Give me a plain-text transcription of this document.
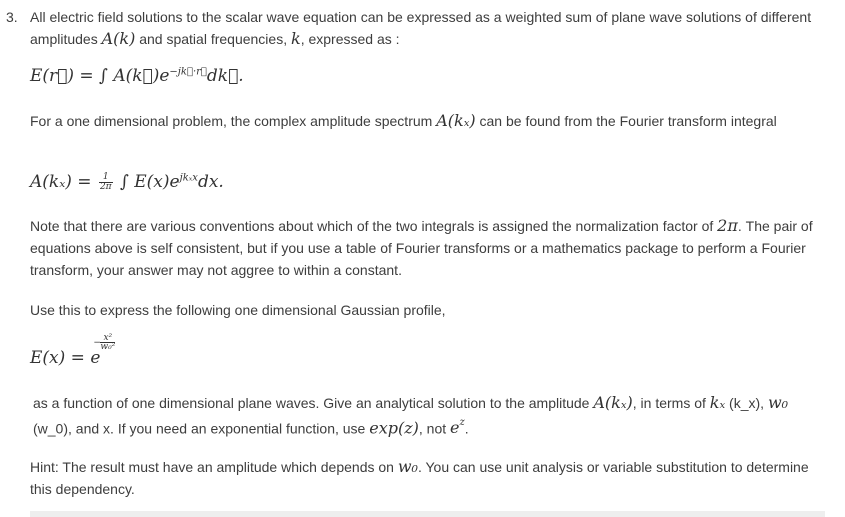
3. All electric field solutions to the scalar wave equation can be expressed as a weighted sum of plane wave solutions of different amplitudes A(k) and spatial frequencies, k, expressed as :
E(r⃗) = ∫ $A(k⃗)e^{-jk⃗\cdot r⃗}dk⃗$.
For a one dimensional problem, the complex amplitude spectrum A(kₓ) can be found from the Fourier transform integral
$A(k_x) = \frac{1}{2\pi}$ ∫ $E(x)e^{jk_xx}dx$.
Note that there are various conventions about which of the two integrals is assigned the normalization factor of 2π. The pair of equations above is self consistent, but if you use a table of Fourier transforms or a mathematics package to perform a Fourier transform, your answer may not aggree to within a constant.
Use this to express the following one dimensional Gaussian profile,
E(x) = e
− x²
w₀²
as a function of one dimensional plane waves. Give an analytical solution to the amplitude A(kₓ), in terms of kₓ (k_x), w₀ (w_0), and x. If you need an exponential function, use exp(z), not $e^z$.
Hint: The result must have an amplitude which depends on w₀. You can use unit analysis or variable substitution to determine this dependency.
